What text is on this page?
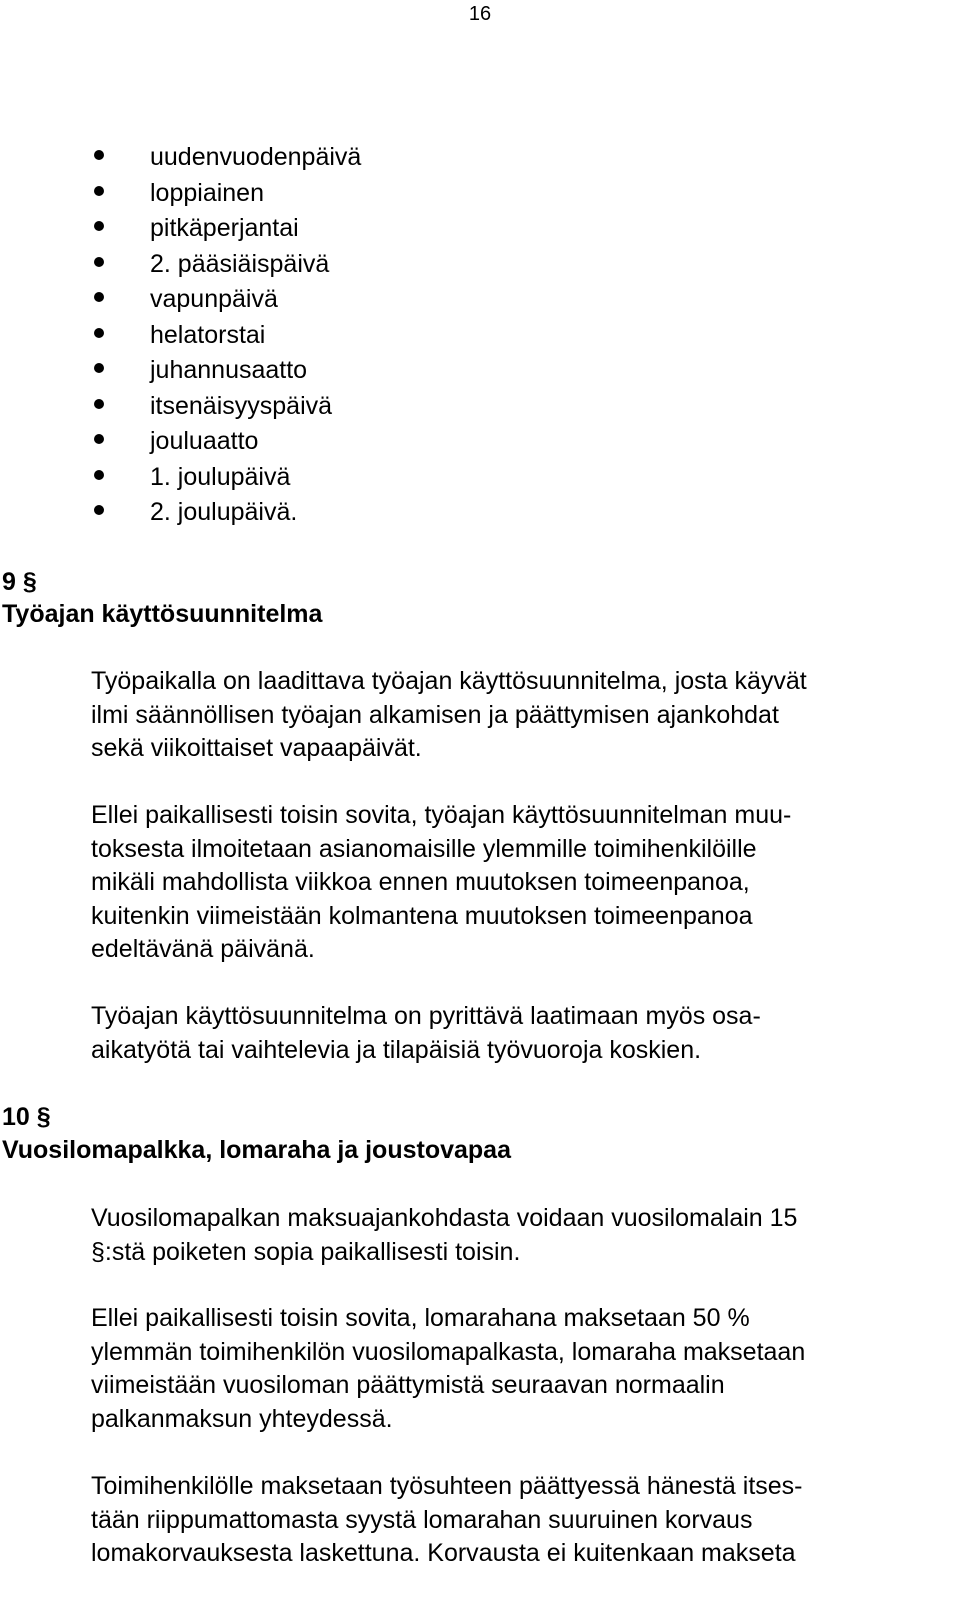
16
uudenvuodenpäivä
loppiainen
pitkäperjantai
2. pääsiäispäivä
vapunpäivä
helatorstai
juhannusaatto
itsenäisyyspäivä
jouluaatto
1. joulupäivä
2. joulupäivä.
9 §
Työajan käyttösuunnitelma
Työpaikalla on laadittava työajan käyttösuunnitelma, josta käyvät
ilmi säännöllisen työajan alkamisen ja päättymisen ajankohdat
sekä viikoittaiset vapaapäivät.
Ellei paikallisesti toisin sovita, työajan käyttösuunnitelman muu-
toksesta ilmoitetaan asianomaisille ylemmille toimihenkilöille
mikäli mahdollista viikkoa ennen muutoksen toimeenpanoa,
kuitenkin viimeistään kolmantena muutoksen toimeenpanoa
edeltävänä päivänä.
Työajan käyttösuunnitelma on pyrittävä laatimaan myös osa-
aikatyötä tai vaihtelevia ja tilapäisiä työvuoroja koskien.
10 §
Vuosilomapalkka, lomaraha ja joustovapaa
Vuosilomapalkan maksuajankohdasta voidaan vuosilomalain 15
§:stä poiketen sopia paikallisesti toisin.
Ellei paikallisesti toisin sovita, lomarahana maksetaan 50 %
ylemmän toimihenkilön vuosilomapalkasta, lomaraha maksetaan
viimeistään vuosiloman päättymistä seuraavan normaalin
palkanmaksun yhteydessä.
Toimihenkilölle maksetaan työsuhteen päättyessä hänestä itses-
tään riippumattomasta syystä lomarahan suuruinen korvaus
lomakorvauksesta laskettuna. Korvausta ei kuitenkaan makseta
